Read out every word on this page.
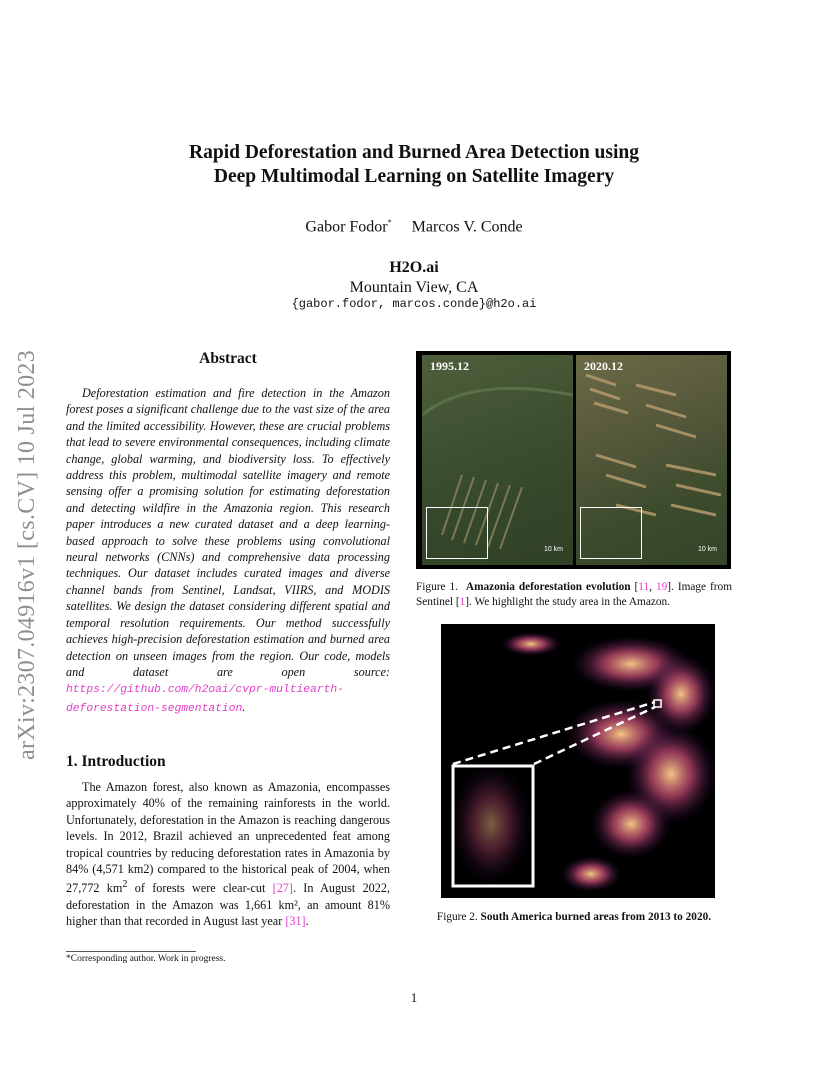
arXiv:2307.04916v1 [cs.CV] 10 Jul 2023
Rapid Deforestation and Burned Area Detection using
Deep Multimodal Learning on Satellite Imagery
Gabor Fodor* Marcos V. Conde
H2O.ai
Mountain View, CA
{gabor.fodor, marcos.conde}@h2o.ai
Abstract
Deforestation estimation and fire detection in the Amazon forest poses a significant challenge due to the vast size of the area and the limited accessibility. However, these are crucial problems that lead to severe environmental consequences, including climate change, global warming, and biodiversity loss. To effectively address this problem, multimodal satellite imagery and remote sensing offer a promising solution for estimating deforestation and detecting wildfire in the Amazonia region. This research paper introduces a new curated dataset and a deep learning-based approach to solve these problems using convolutional neural networks (CNNs) and comprehensive data processing techniques. Our dataset includes curated images and diverse channel bands from Sentinel, Landsat, VIIRS, and MODIS satellites. We design the dataset considering different spatial and temporal resolution requirements. Our method successfully achieves high-precision deforestation estimation and burned area detection on unseen images from the region. Our code, models and dataset are open source: https://github.com/h2oai/cvpr-multiearth-deforestation-segmentation.
1. Introduction
The Amazon forest, also known as Amazonia, encompasses approximately 40% of the remaining rainforests in the world. Unfortunately, deforestation in the Amazon is reaching dangerous levels. In 2012, Brazil achieved an unprecedented feat among tropical countries by reducing deforestation rates in Amazonia by 84% (4,571 km2) compared to the historical peak of 2004, when 27,772 $km^2$ of forests were clear-cut [27]. In August 2022, deforestation in the Amazon was 1,661 km², an amount 81% higher than that recorded in August last year [31].
*Corresponding author. Work in progress.
1
1995.12
10 km
2020.12
10 km
Figure 1. Amazonia deforestation evolution [11, 19]. Image from Sentinel [1]. We highlight the study area in the Amazon.
Figure 2. South America burned areas from 2013 to 2020.
